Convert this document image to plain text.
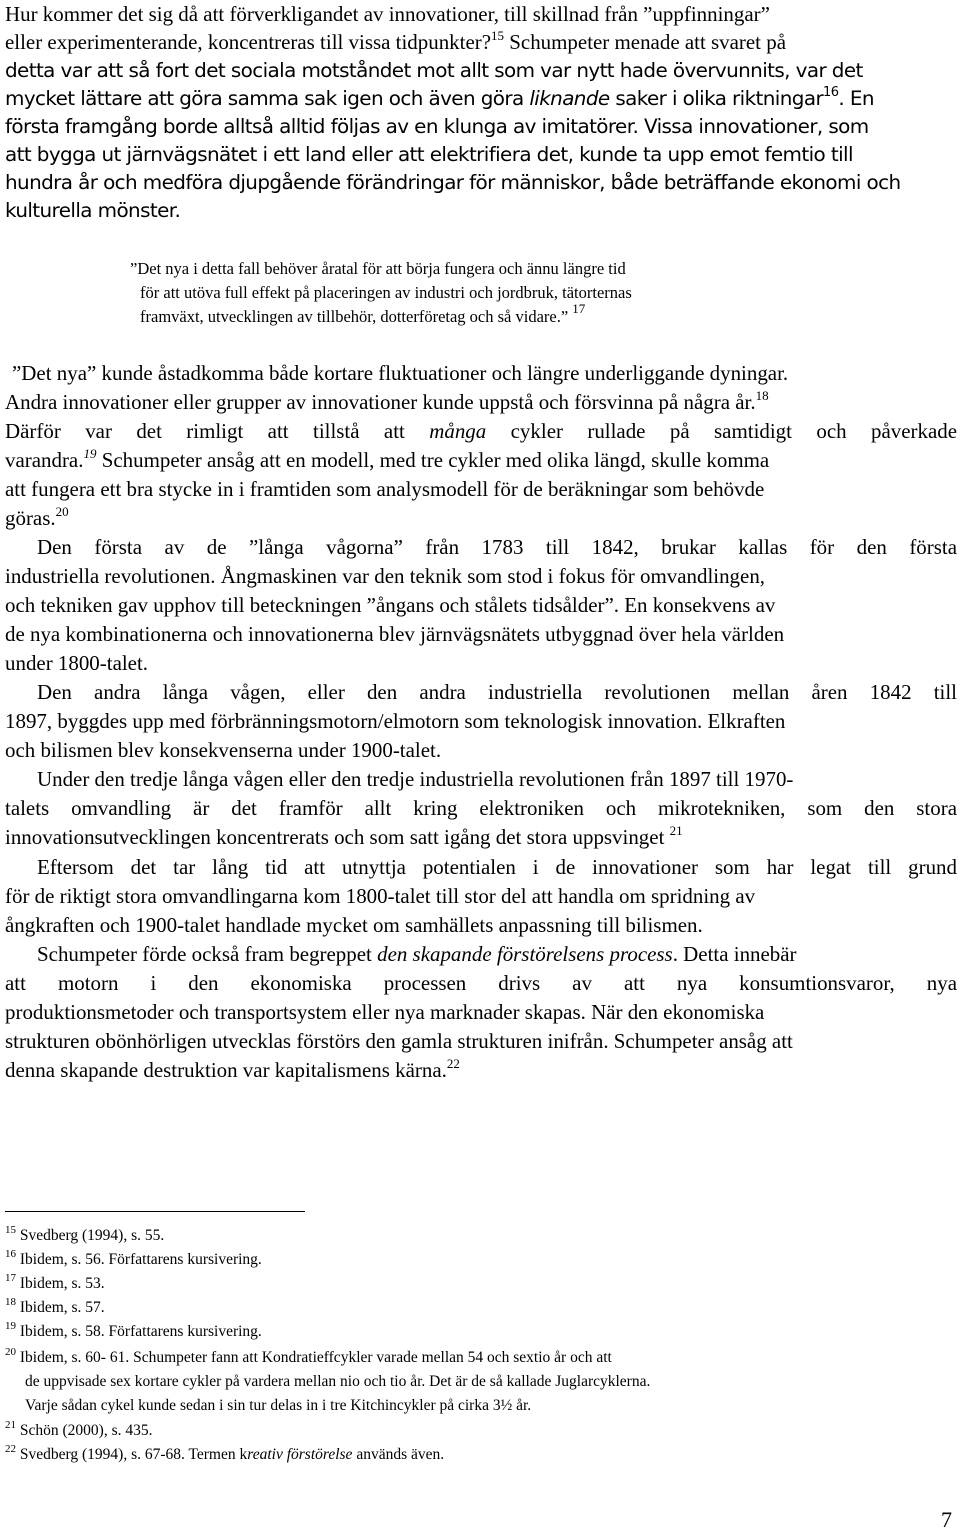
Hur kommer det sig då att förverkligandet av innovationer, till skillnad från ”uppfinningar”
eller experimenterande, koncentreras till vissa tidpunkter?$^{15}$ Schumpeter menade att svaret på
detta var att så fort det sociala motståndet mot allt som var nytt hade övervunnits, var det
mycket lättare att göra samma sak igen och även göra liknande saker i olika riktningar$^{16}$. En
första framgång borde alltså alltid följas av en klunga av imitatörer. Vissa innovationer, som
att bygga ut järnvägsnätet i ett land eller att elektrifiera det, kunde ta upp emot femtio till
hundra år och medföra djupgående förändringar för människor, både beträffande ekonomi och
kulturella mönster.
”Det nya i detta fall behöver åratal för att börja fungera och ännu längre tid
för att utöva full effekt på placeringen av industri och jordbruk, tätorternas
framväxt, utvecklingen av tillbehör, dotterföretag och så vidare.” $^{17}$
”Det nya” kunde åstadkomma både kortare fluktuationer och längre underliggande dyningar.
Andra innovationer eller grupper av innovationer kunde uppstå och försvinna på några år.$^{18}$
Därför var det rimligt att tillstå att många cykler rullade på samtidigt och påverkade
varandra.$^{19}$ Schumpeter ansåg att en modell, med tre cykler med olika längd, skulle komma
att fungera ett bra stycke in i framtiden som analysmodell för de beräkningar som behövde
göras.$^{20}$
Den första av de ”långa vågorna” från 1783 till 1842, brukar kallas för den första
industriella revolutionen. Ångmaskinen var den teknik som stod i fokus för omvandlingen,
och tekniken gav upphov till beteckningen ”ångans och stålets tidsålder”. En konsekvens av
de nya kombinationerna och innovationerna blev järnvägsnätets utbyggnad över hela världen
under 1800-talet.
Den andra långa vågen, eller den andra industriella revolutionen mellan åren 1842 till
1897, byggdes upp med förbränningsmotorn/elmotorn som teknologisk innovation. Elkraften
och bilismen blev konsekvenserna under 1900-talet.
Under den tredje långa vågen eller den tredje industriella revolutionen från 1897 till 1970-
talets omvandling är det framför allt kring elektroniken och mikrotekniken, som den stora
innovationsutvecklingen koncentrerats och som satt igång det stora uppsvinget $^{21}$
Eftersom det tar lång tid att utnyttja potentialen i de innovationer som har legat till grund
för de riktigt stora omvandlingarna kom 1800-talet till stor del att handla om spridning av
ångkraften och 1900-talet handlade mycket om samhällets anpassning till bilismen.
Schumpeter förde också fram begreppet den skapande förstörelsens process. Detta innebär
att motorn i den ekonomiska processen drivs av att nya konsumtionsvaror, nya
produktionsmetoder och transportsystem eller nya marknader skapas. När den ekonomiska
strukturen obönhörligen utvecklas förstörs den gamla strukturen inifrån. Schumpeter ansåg att
denna skapande destruktion var kapitalismens kärna.$^{22}$
$^{15}$ Svedberg (1994), s. 55.
$^{16}$ Ibidem, s. 56. Författarens kursivering.
$^{17}$ Ibidem, s. 53.
$^{18}$ Ibidem, s. 57.
$^{19}$ Ibidem, s. 58. Författarens kursivering.
$^{20}$ Ibidem, s. 60- 61. Schumpeter fann att Kondratieffcykler varade mellan 54 och sextio år och att
de uppvisade sex kortare cykler på vardera mellan nio och tio år. Det är de så kallade Juglarcyklerna.
Varje sådan cykel kunde sedan i sin tur delas in i tre Kitchincykler på cirka 3½ år.
$^{21}$ Schön (2000), s. 435.
$^{22}$ Svedberg (1994), s. 67-68. Termen kreativ förstörelse används även.
7
